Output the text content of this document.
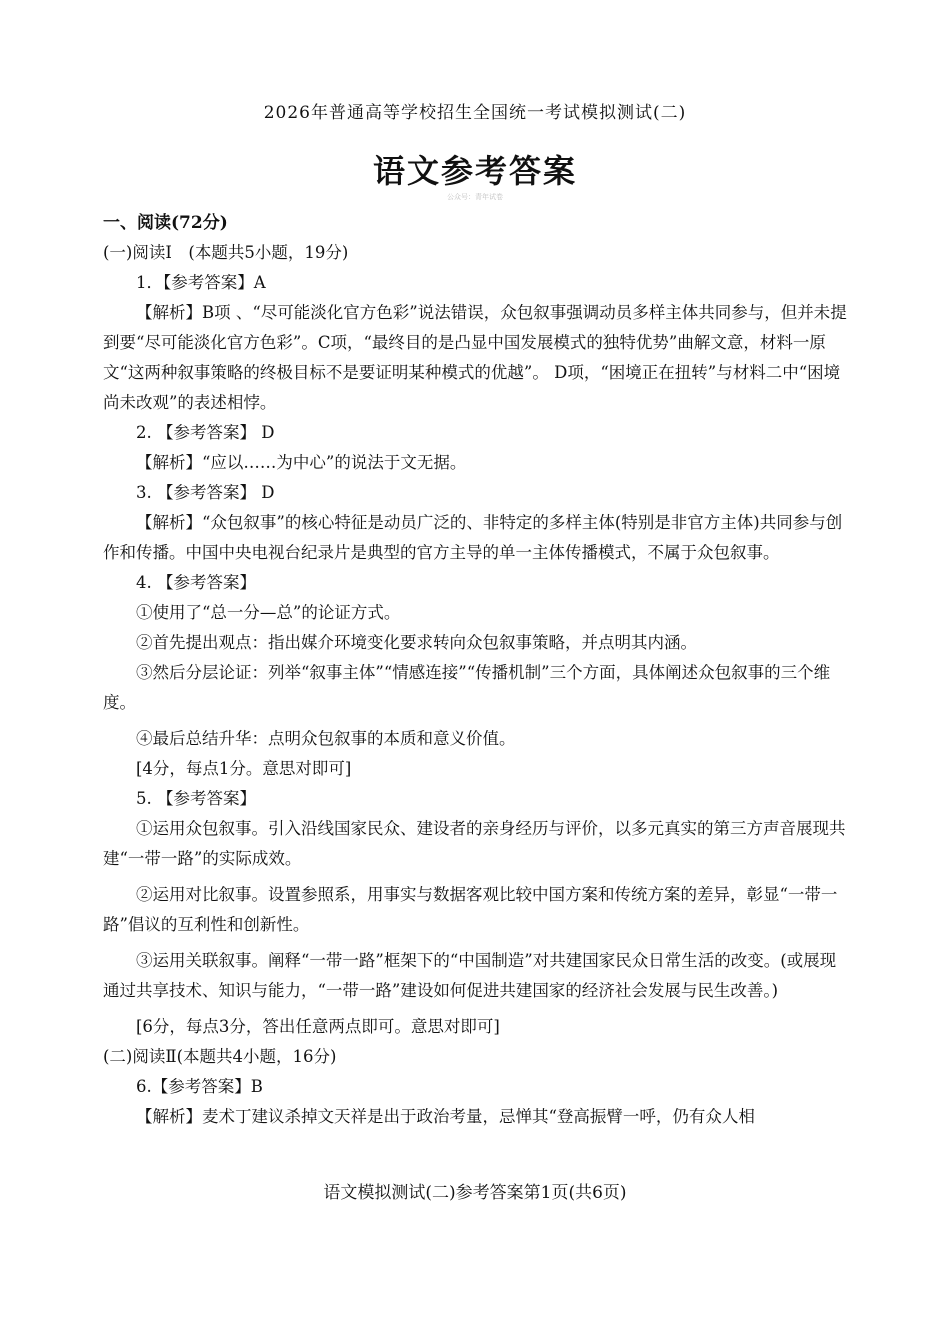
2026年普通高等学校招生全国统一考试模拟测试(二)
语文参考答案
公众号：青年试卷

一、阅读(72分)

(一)阅读I　(本题共5小题，19分)

1．【参考答案】A

【解析】B项 、“尽可能淡化官方色彩”说法错误，众包叙事强调动员多样主体共同参与，但并未提到要“尽可能淡化官方色彩”。C项，“最终目的是凸显中国发展模式的独特优势”曲解文意，材料一原文“这两种叙事策略的终极目标不是要证明某种模式的优越”。 D项，“困境正在扭转”与材料二中“困境尚未改观”的表述相悖。

2. 【参考答案】 D

【解析】“应以……为中心”的说法于文无据。

3. 【参考答案】 D

【解析】“众包叙事”的核心特征是动员广泛的、非特定的多样主体(特别是非官方主体)共同参与创作和传播。中国中央电视台纪录片是典型的官方主导的单一主体传播模式，不属于众包叙事。

4. 【参考答案】

①使用了“总一分—总”的论证方式。

②首先提出观点：指出媒介环境变化要求转向众包叙事策略，并点明其内涵。

③然后分层论证：列举“叙事主体”“情感连接”“传播机制”三个方面，具体阐述众包叙事的三个维度。

④最后总结升华：点明众包叙事的本质和意义价值。

[4分，每点1分。意思对即可]

5. 【参考答案】

①运用众包叙事。引入沿线国家民众、建设者的亲身经历与评价，以多元真实的第三方声音展现共建“一带一路”的实际成效。

②运用对比叙事。设置参照系，用事实与数据客观比较中国方案和传统方案的差异，彰显“一带一路”倡议的互利性和创新性。

③运用关联叙事。阐释“一带一路”框架下的“中国制造”对共建国家民众日常生活的改变。(或展现通过共享技术、知识与能力，“一带一路”建设如何促进共建国家的经济社会发展与民生改善。)

[6分，每点3分，答出任意两点即可。意思对即可]

(二)阅读Ⅱ(本题共4小题，16分)

6.【参考答案】B

【解析】麦术丁建议杀掉文天祥是出于政治考量，忌惮其“登高振臂一呼，仍有众人相

语文模拟测试(二)参考答案第1页(共6页)
